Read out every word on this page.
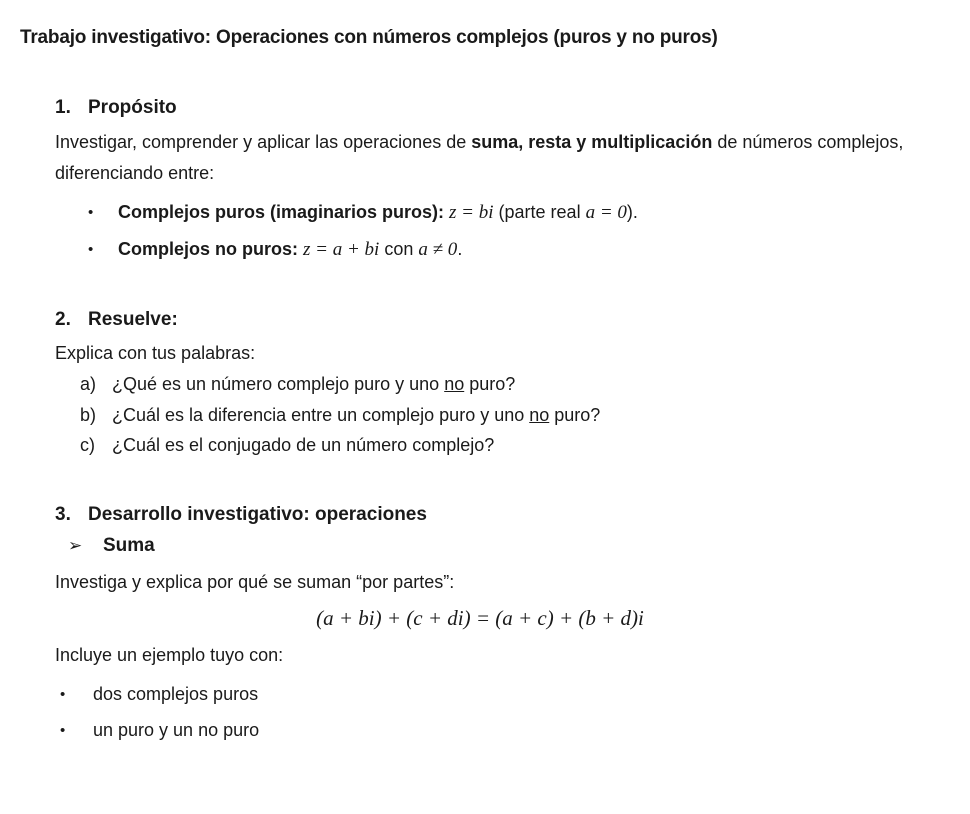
Trabajo investigativo: Operaciones con números complejos (puros y no puros)
1. Propósito
Investigar, comprender y aplicar las operaciones de suma, resta y multiplicación de números complejos, diferenciando entre:
•	Complejos puros (imaginarios puros): z = bi (parte real a = 0).
•	Complejos no puros: z = a + bi con a ≠ 0.
2. Resuelve:
Explica con tus palabras:
a) ¿Qué es un número complejo puro y uno no puro?
b) ¿Cuál es la diferencia entre un complejo puro y uno no puro?
c) ¿Cuál es el conjugado de un número complejo?
3. Desarrollo investigativo: operaciones
➢	Suma
Investiga y explica por qué se suman “por partes”:
(a + bi) + (c + di) = (a + c) + (b + d)i
Incluye un ejemplo tuyo con:
•	dos complejos puros
•	un puro y un no puro
